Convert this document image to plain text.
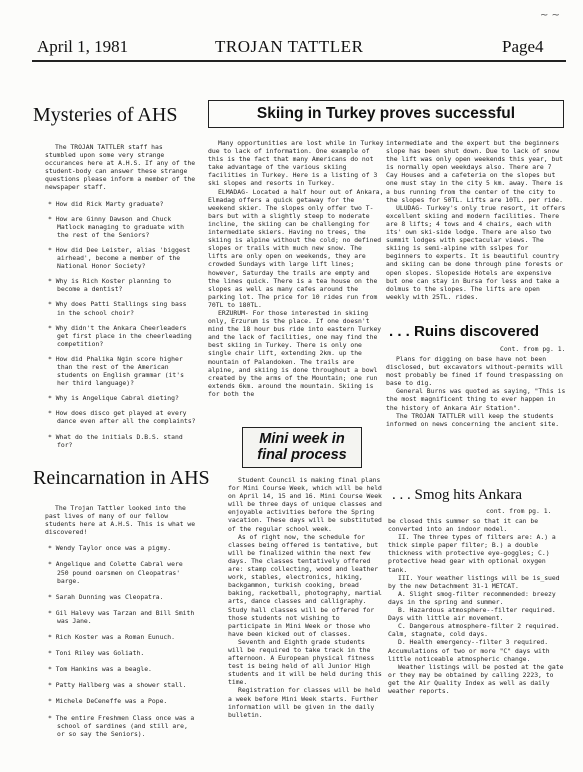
~ ~
April 1, 1981	TROJAN TATTLER	Page4
Mysteries of AHS
The TROJAN TATTLER staff has stumbled upon some very strange occurances here at A.H.S. If any of the student-body can answer these strange questions please inform a member of the newspaper staff.
* How did Rick Marty graduate?
* How are Ginny Dawson and Chuck Matlock managing to graduate with the rest of the Seniors?
* How did Dee Leister, alias 'biggest airhead', become a member of the National Honor Society?
* Why is Rich Koster planning to become a dentist?
* Why does Patti Stallings sing bass in the school choir?
* Why didn't the Ankara Cheerleaders get first place in the cheerleading competition?
* How did Phalika Ngin score higher than the rest of the American students on English grammar (it's her third language)?
* Why is Angelique Cabral dieting?
* How does disco get played at every dance even after all the complaints?
* What do the initials D.B.S. stand for?
Reincarnation in AHS
The Trojan Tattler looked into the past lives of many of our fellow students here at A.H.S. This is what we discovered!
* Wendy Taylor once was a pigmy.
* Angelique and Colette Cabral were 250 pound oarsmen on Cleopatras' barge.
* Sarah Dunning was Cleopatra.
* Gil Halevy was Tarzan and Bill Smith was Jane.
* Rich Koster was a Roman Eunuch.
* Toni Riley was Goliath.
* Tom Hankins was a beagle.
* Patty Hallberg was a shower stall.
* Michele DeCeneffe was a Pope.
* The entire Freshmen Class once was a school of sardines (and still are, or so say the Seniors).
Skiing in Turkey proves successful
Many opportunities are lost while in Turkey due to lack of information. One example of this is the fact that many Americans do not take advantage of the various skiing facilities in Turkey. Here is a listing of 3 ski slopes and resorts in Turkey.
ELMADAG- Located a half hour out of Ankara, Elmadag offers a quick getaway for the weekend skier. The slopes only offer two T-bars but with a slightly steep to moderate incline, the skiing can be challenging for intermediate skiers. Having no trees, the skiing is alpine without the cold; no defined slopes or trails with much new snow. The lifts are only open on weekends, they are crowded Sundays with large lift lines; however, Saturday the trails are empty and the lines quick. There is a tea house on the slopes as well as many cafes around the parking lot. The price for 10 rides run from 70TL to 180TL.
ERZURUM- For those interested in skiing only, Erzurum is the place. If one doesn't mind the 18 hour bus ride into eastern Turkey and the lack of facilities, one may find the best skiing in Turkey. There is only one single chair lift, extending 2km. up the mountain of Palandoken. The trails are alpine, and skiing is done throughout a bowl created by the arms of the Mountain; one run extends 6km. around the mountain. Skiing is for both the
intermediate and the expert but the beginners slope has been shut down. Due to lack of snow the lift was only open weekends this year, but is normally open weekdays also. There are 7 Cay Houses and a cafeteria on the slopes but one must stay in the city 5 km. away. There is a bus running from the center of the city to the slopes for 50TL. Lifts are 10TL. per ride.
ULUDAG- Turkey's only true resort, it offers excellent skiing and modern facilities. There are 8 lifts; 4 tows and 4 chairs, each with its' own ski-side lodge. There are also two summit lodges with spectacular views. The skiing is semi-alpine with sslpes for beginners to experts. It is beautiful country and skiing can be done through pine forests or open slopes. Slopeside Hotels are expensive but one can stay in Bursa for less and take a dolmus to the slopes. The lifts are open weekly with 25TL. rides.
. . . Ruins discovered
Cont. from pg. 1.
Plans for digging on base have not been disclosed, but excavators without-permits will most probably be fined if found trespassing on base to dig.
General Burns was quoted as saying, "This is the most magnificent thing to ever happen in the history of Ankara Air Station".
The TROJAN TATTLER will keep the students informed on news concerning the ancient site.
Mini week in
final process
Student Council is making final plans for Mini Course Week, which will be held on April 14, 15 and 16. Mini Course Week will be three days of unique classes and enjoyable activities before the Spring vacation. These days will be substituted of the regular school week.
As of right now, the schedule for classes being offered is tentative, but will be finalized within the next few days. The classes tentatively offered are: stamp collecting, wood and leather work, stables, electronics, hiking, backgammon, turkish cooking, bread baking, racketball, photography, martial arts, dance classes and calligraphy. Study hall classes will be offered for those students not wishing to participate in Mini Week or those who have been kicked out of classes.
Seventh and Eighth grade students will be required to take track in the afternoon. A European physical fitness test is being held of all Junior High students and it will be held during this time.
Registration for classes will be held a week before Mini Week starts. Further information will be given in the daily bulletin.
. . . Smog hits Ankara
cont. from pg. 1.
be closed this summer so that it can be converted into an indoor model.
II. The three types of filters are: A.) a thick simple paper filter; B.) a double thickness with protective eye-goggles; C.) protective head gear with optional oxygen tank.
III. Your weather listings will be is_sued by the new Detachment 31-1 METCAT.
A. Slight smog-filter recommended: breezy days in the spring and summer.
B. Hazardous atmosphere--filter required. Days with little air movement.
C. Dangerous atmosphere-filter 2 required. Calm, stagnate, cold days.
D. Health emergency--filter 3 required. Accumulations of two or more "C" days with little noticeable atmospheric change.
Weather listings will be posted at the gate or they may be obtained by calling 2223, to get the Air Quality Index as well as daily weather reports.
